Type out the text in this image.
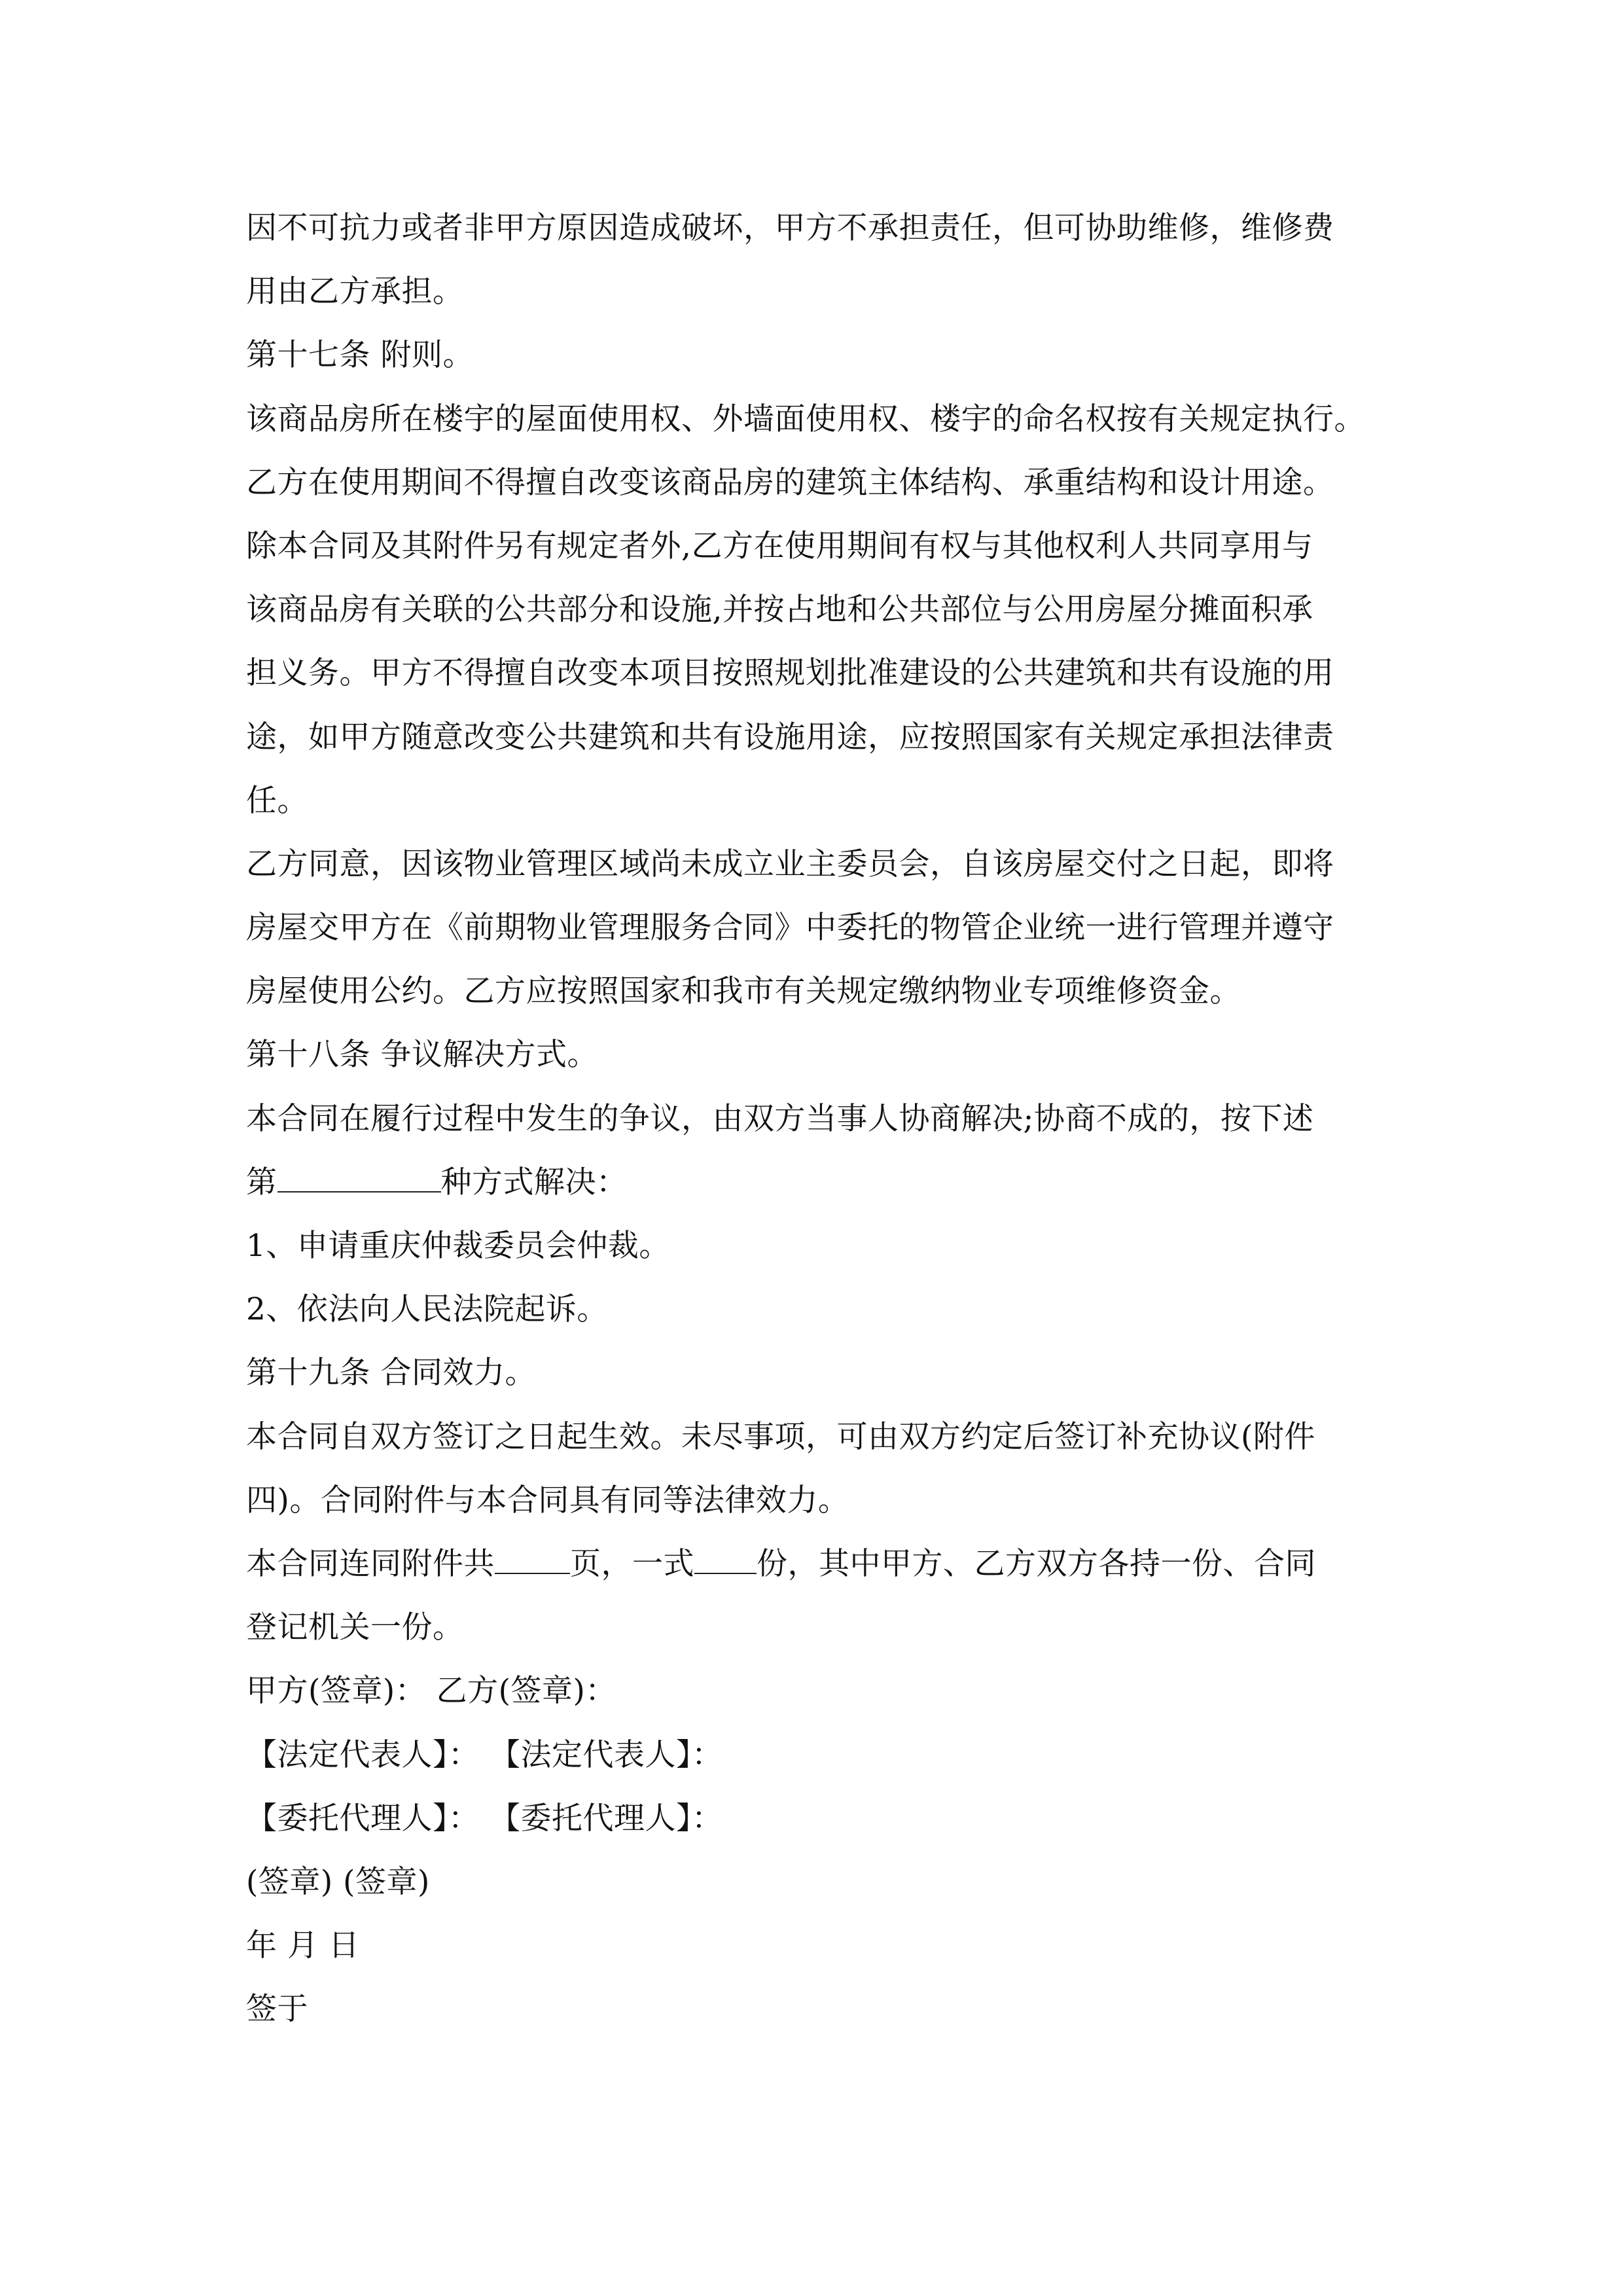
因不可抗力或者非甲方原因造成破坏，甲方不承担责任，但可协助维修，维修费
用由乙方承担。
第十七条 附则。
该商品房所在楼宇的屋面使用权、外墙面使用权、楼宇的命名权按有关规定执行。
乙方在使用期间不得擅自改变该商品房的建筑主体结构、承重结构和设计用途。
除本合同及其附件另有规定者外,乙方在使用期间有权与其他权利人共同享用与
该商品房有关联的公共部分和设施,并按占地和公共部位与公用房屋分摊面积承
担义务。甲方不得擅自改变本项目按照规划批准建设的公共建筑和共有设施的用
途，如甲方随意改变公共建筑和共有设施用途，应按照国家有关规定承担法律责
任。
乙方同意，因该物业管理区域尚未成立业主委员会，自该房屋交付之日起，即将
房屋交甲方在《前期物业管理服务合同》中委托的物管企业统一进行管理并遵守
房屋使用公约。乙方应按照国家和我市有关规定缴纳物业专项维修资金。
第十八条 争议解决方式。
本合同在履行过程中发生的争议，由双方当事人协商解决;协商不成的，按下述
第	种方式解决：
1、申请重庆仲裁委员会仲裁。
2、依法向人民法院起诉。
第十九条 合同效力。
本合同自双方签订之日起生效。未尽事项，可由双方约定后签订补充协议(附件
四)。合同附件与本合同具有同等法律效力。
本合同连同附件共 页，一式 份，其中甲方、乙方双方各持一份、合同
登记机关一份。
甲方(签章)： 乙方(签章)：
【法定代表人】： 【法定代表人】：
【委托代理人】： 【委托代理人】：
(签章) (签章)
年 月 日
签于
